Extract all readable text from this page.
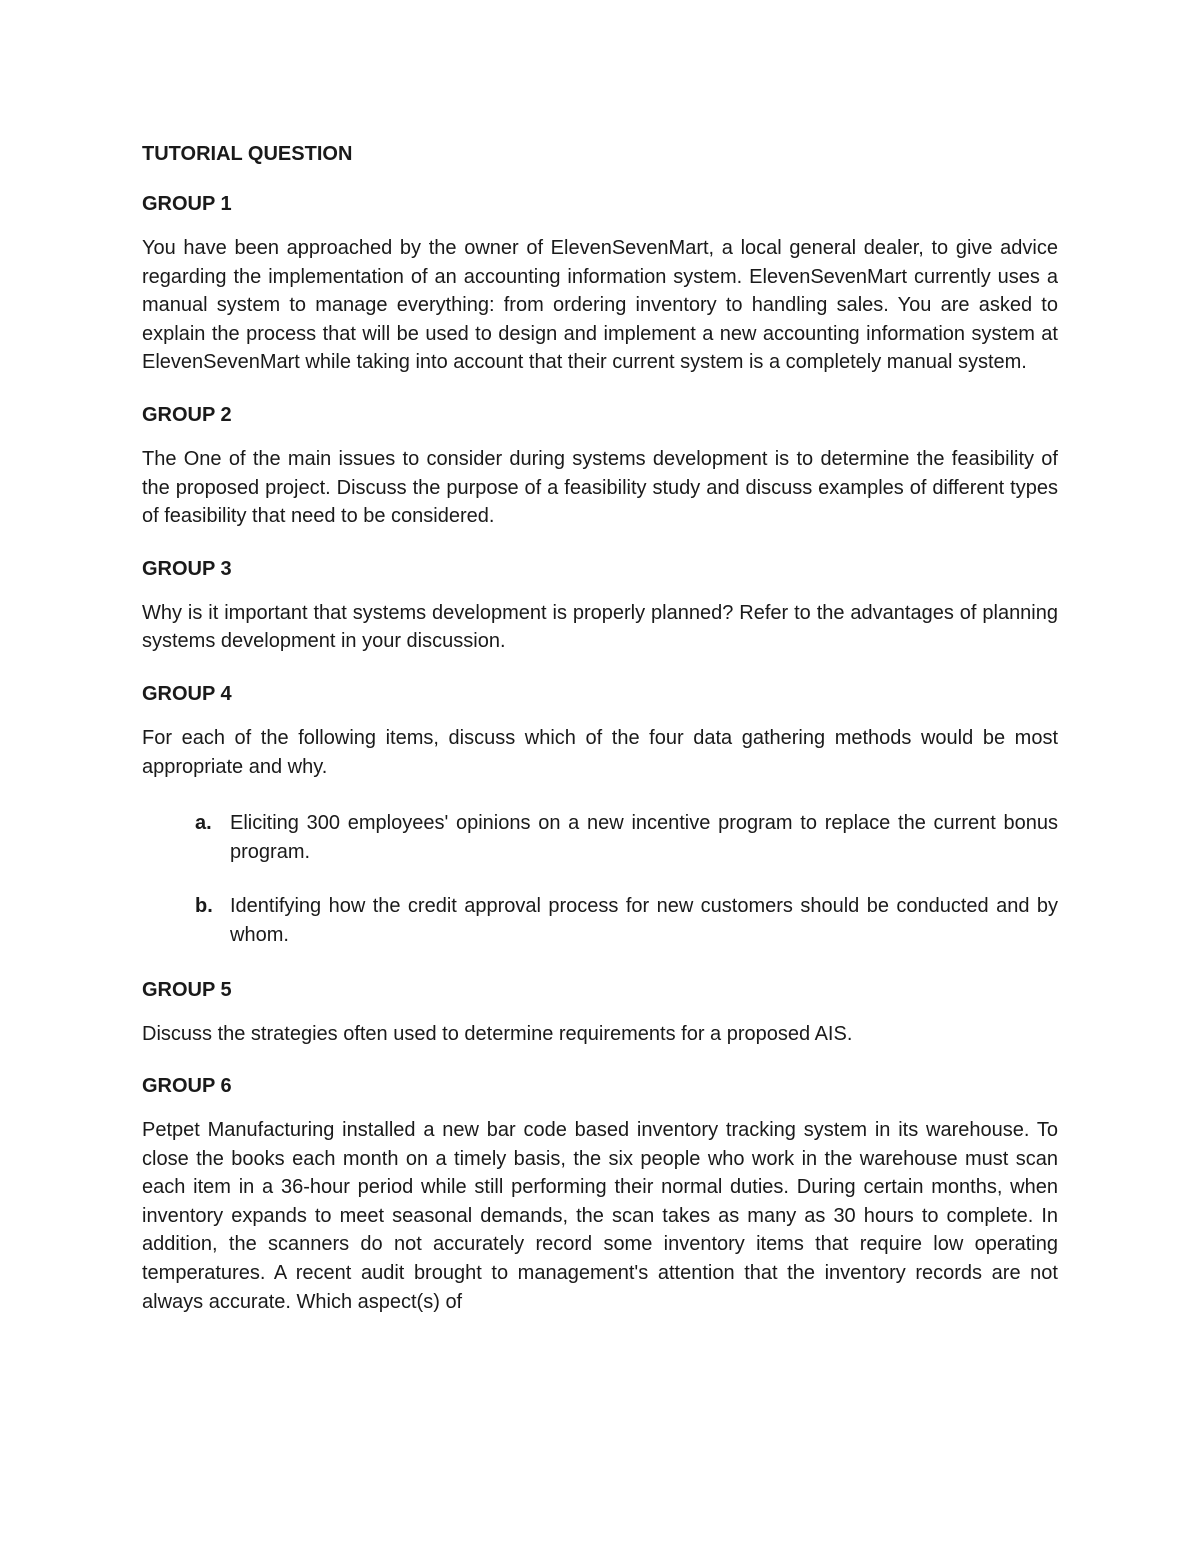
TUTORIAL QUESTION
GROUP 1

You have been approached by the owner of ElevenSevenMart, a local general dealer, to give advice regarding the implementation of an accounting information system. ElevenSevenMart currently uses a manual system to manage everything: from ordering inventory to handling sales. You are asked to explain the process that will be used to design and implement a new accounting information system at ElevenSevenMart while taking into account that their current system is a completely manual system.

GROUP 2

The One of the main issues to consider during systems development is to determine the feasibility of the proposed project. Discuss the purpose of a feasibility study and discuss examples of different types of feasibility that need to be considered.

GROUP 3

Why is it important that systems development is properly planned? Refer to the advantages of planning systems development in your discussion.

GROUP 4

For each of the following items, discuss which of the four data gathering methods would be most appropriate and why.

a. Eliciting 300 employees' opinions on a new incentive program to replace the current bonus program.
b. Identifying how the credit approval process for new customers should be conducted and by whom.
GROUP 5

Discuss the strategies often used to determine requirements for a proposed AIS.

GROUP 6

Petpet Manufacturing installed a new bar code based inventory tracking system in its warehouse. To close the books each month on a timely basis, the six people who work in the warehouse must scan each item in a 36-hour period while still performing their normal duties. During certain months, when inventory expands to meet seasonal demands, the scan takes as many as 30 hours to complete. In addition, the scanners do not accurately record some inventory items that require low operating temperatures. A recent audit brought to management's attention that the inventory records are not always accurate. Which aspect(s) of
